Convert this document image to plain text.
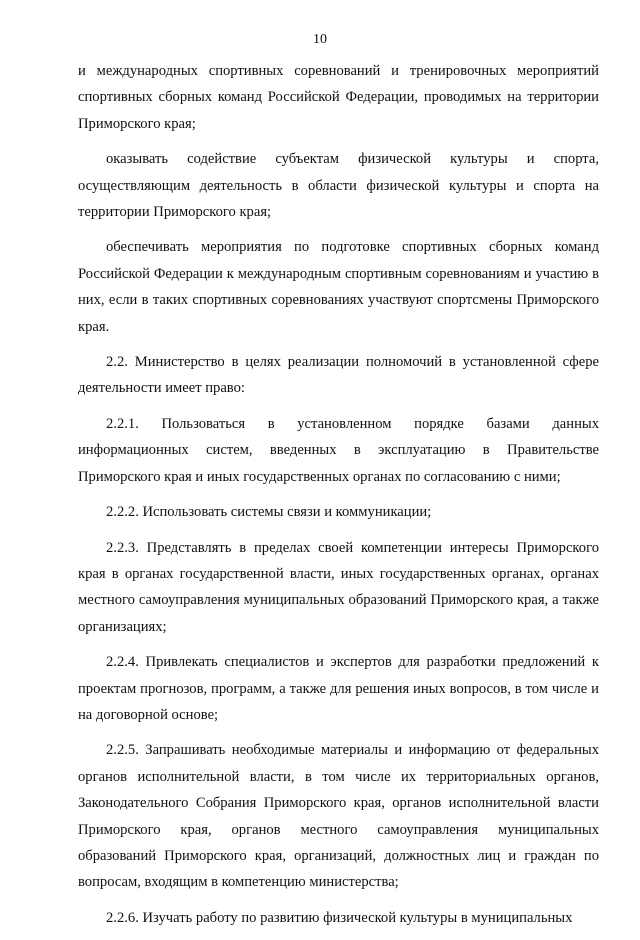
10

и международных спортивных соревнований и тренировочных мероприятий спортивных сборных команд Российской Федерации, проводимых на территории Приморского края;

оказывать содействие субъектам физической культуры и спорта, осуществляющим деятельность в области физической культуры и спорта на территории Приморского края;

обеспечивать мероприятия по подготовке спортивных сборных команд Российской Федерации к международным спортивным соревнованиям и участию в них, если в таких спортивных соревнованиях участвуют спортсмены Приморского края.

2.2. Министерство в целях реализации полномочий в установленной сфере деятельности имеет право:

2.2.1. Пользоваться в установленном порядке базами данных информационных систем, введенных в эксплуатацию в Правительстве Приморского края и иных государственных органах по согласованию с ними;

2.2.2. Использовать системы связи и коммуникации;

2.2.3. Представлять в пределах своей компетенции интересы Приморского края в органах государственной власти, иных государственных органах, органах местного самоуправления муниципальных образований Приморского края, а также организациях;

2.2.4. Привлекать специалистов и экспертов для разработки предложений к проектам прогнозов, программ, а также для решения иных вопросов, в том числе и на договорной основе;

2.2.5. Запрашивать необходимые материалы и информацию от федеральных органов исполнительной власти, в том числе их территориальных органов, Законодательного Собрания Приморского края, органов исполнительной власти Приморского края, органов местного самоуправления муниципальных образований Приморского края, организаций, должностных лиц и граждан по вопросам, входящим в компетенцию министерства;

2.2.6. Изучать работу по развитию физической культуры в муниципальных
